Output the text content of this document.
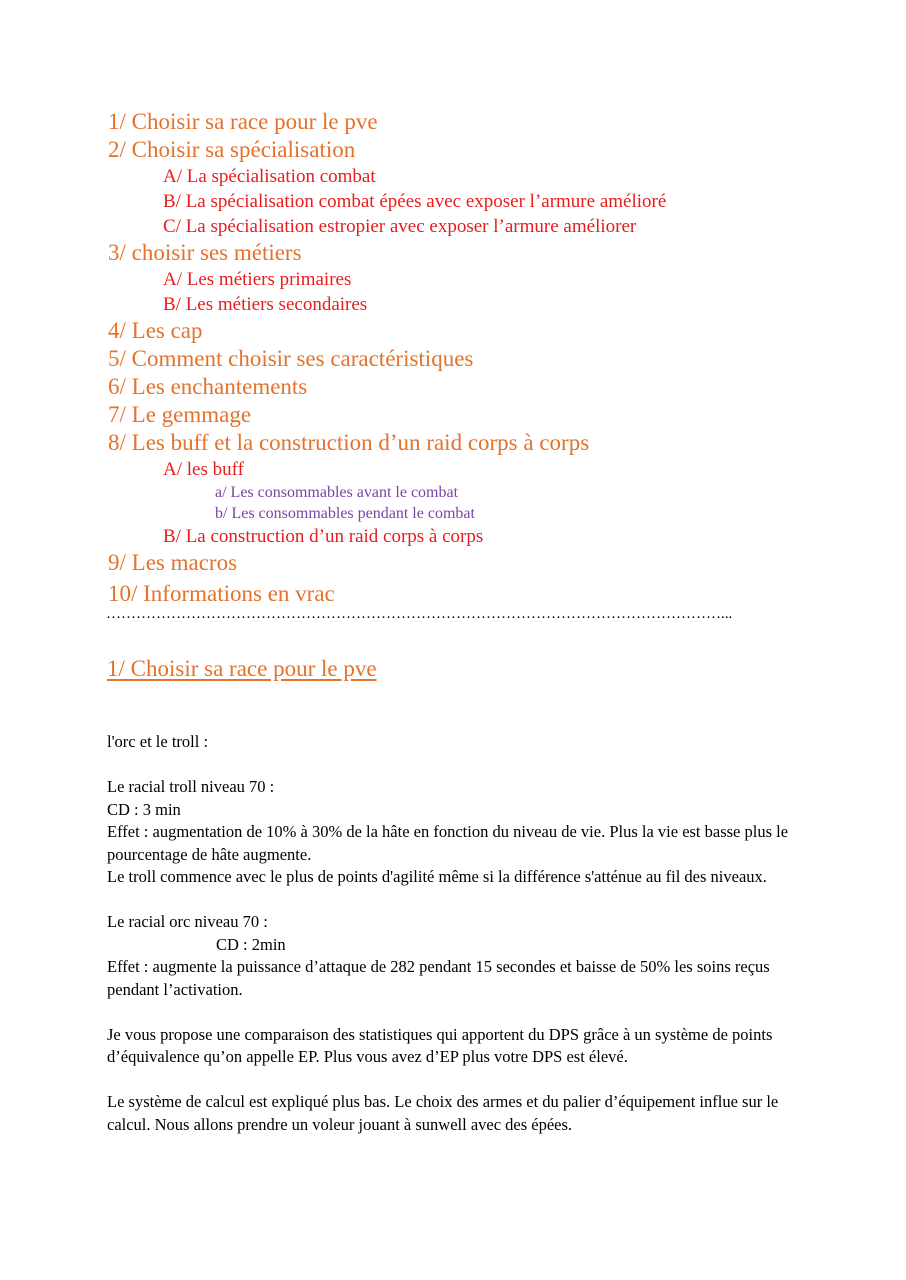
1/ Choisir sa race pour le pve
2/ Choisir sa spécialisation
A/ La spécialisation combat
B/ La spécialisation combat épées avec exposer l’armure amélioré
C/ La spécialisation estropier avec exposer l’armure améliorer
3/ choisir ses métiers
A/ Les métiers primaires
B/ Les métiers secondaires
4/ Les cap
5/ Comment choisir ses caractéristiques
6/ Les enchantements
7/ Le gemmage
8/ Les buff et la construction d’un raid corps à corps
A/ les buff
a/ Les consommables avant le combat
b/ Les consommables pendant le combat
B/ La construction d’un raid corps à corps
9/ Les macros
10/ Informations en vrac
……………………………………………………………………………………………………………...
1/ Choisir sa race pour le pve

l'orc et le troll :

Le racial troll niveau 70 :

CD : 3 min

Effet : augmentation de 10% à 30% de la hâte en fonction du niveau de vie. Plus la vie est basse plus le pourcentage de hâte augmente.

Le troll commence avec le plus de points d'agilité même si la différence s'atténue au fil des niveaux.

Le racial orc niveau 70 :

CD : 2min

Effet : augmente la puissance d’attaque de 282 pendant 15 secondes et baisse de 50% les soins reçus pendant l’activation.

Je vous propose une comparaison des statistiques qui apportent du DPS grâce à un système de points d’équivalence qu’on appelle EP. Plus vous avez d’EP plus votre DPS est élevé.

Le système de calcul est expliqué plus bas. Le choix des armes et du palier d’équipement influe sur le calcul. Nous allons prendre un voleur jouant à sunwell avec des épées.
